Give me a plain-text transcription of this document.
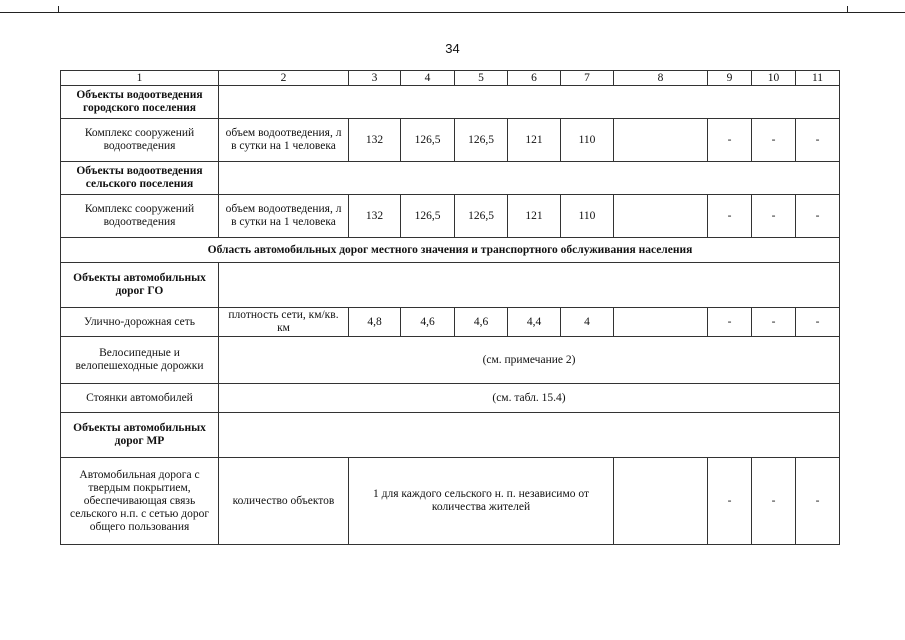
34
1	2	3	4	5	6	7	8	9	10	11
Объекты водоотведения городского поселения										
Комплекс сооружений водоотведения	объем водоотведения, л в сутки на 1 человека	132	126,5	126,5	121	110		-	-	-
Объекты водоотведения сельского поселения										
Комплекс сооружений водоотведения	объем водоотведения, л в сутки на 1 человека	132	126,5	126,5	121	110		-	-	-
Область автомобильных дорог местного значения и транспортного обслуживания населения										
Объекты автомобильных дорог ГО										
Улично-дорожная сеть	плотность сети, км/кв. км	4,8	4,6	4,6	4,4	4		-	-	-
Велосипедные и велопешеходные дорожки	(см. примечание 2)									
Стоянки автомобилей	(см. табл. 15.4)									
Объекты автомобильных дорог МР										
Автомобильная дорога с твердым покрытием, обеспечивающая связь сельского н.п. с сетью дорог общего пользования	количество объектов	1 для каждого сельского н. п. независимо от количества жителей						-	-	-
